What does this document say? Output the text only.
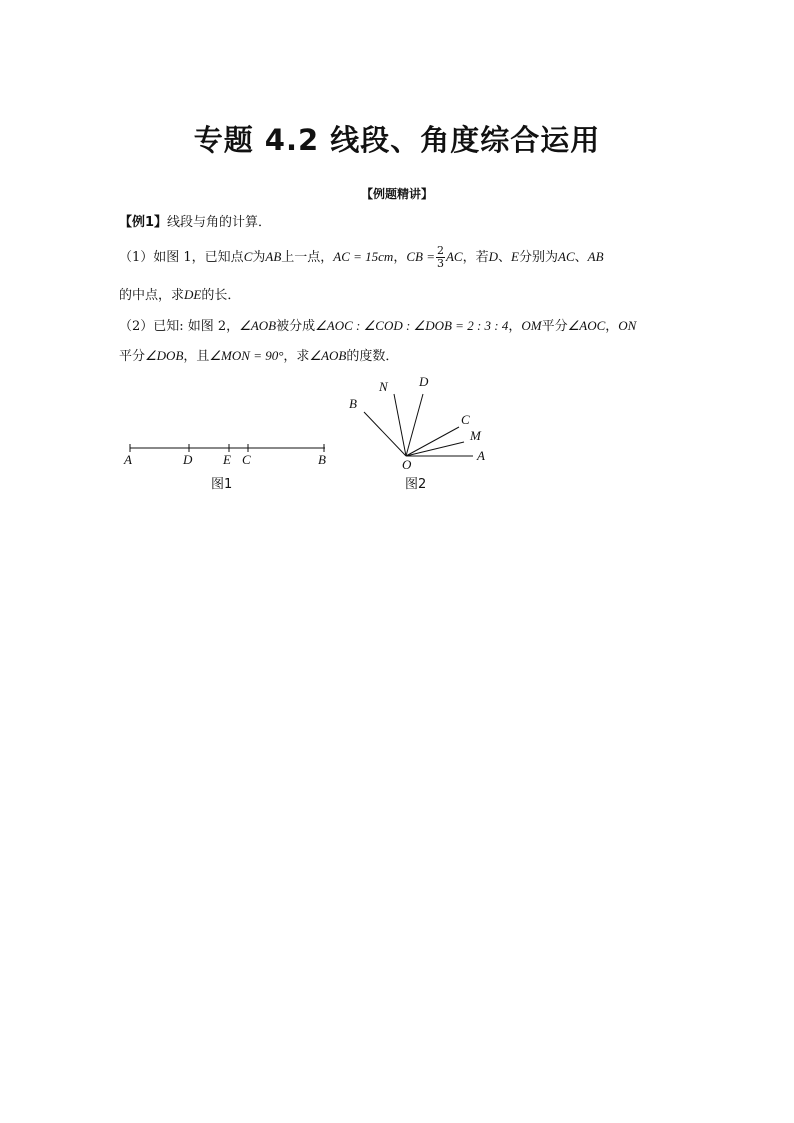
专题 4.2 线段、角度综合运用
【例题精讲】
【例1】线段与角的计算．
（1）如图 1，已知点C为AB上一点，AC = 15cm，CB = $\frac{2}{3}$ AC，若D、E分别为AC、AB
的中点，求DE的长．
（2）已知: 如图 2，∠AOB被分成∠AOC : ∠COD : ∠DOB = 2 : 3 : 4，OM平分∠AOC，ON
平分∠DOB，且∠MON = 90°，求∠AOB的度数．
A	D E C	B
图1
N D
B
C
M
A
O
图2
